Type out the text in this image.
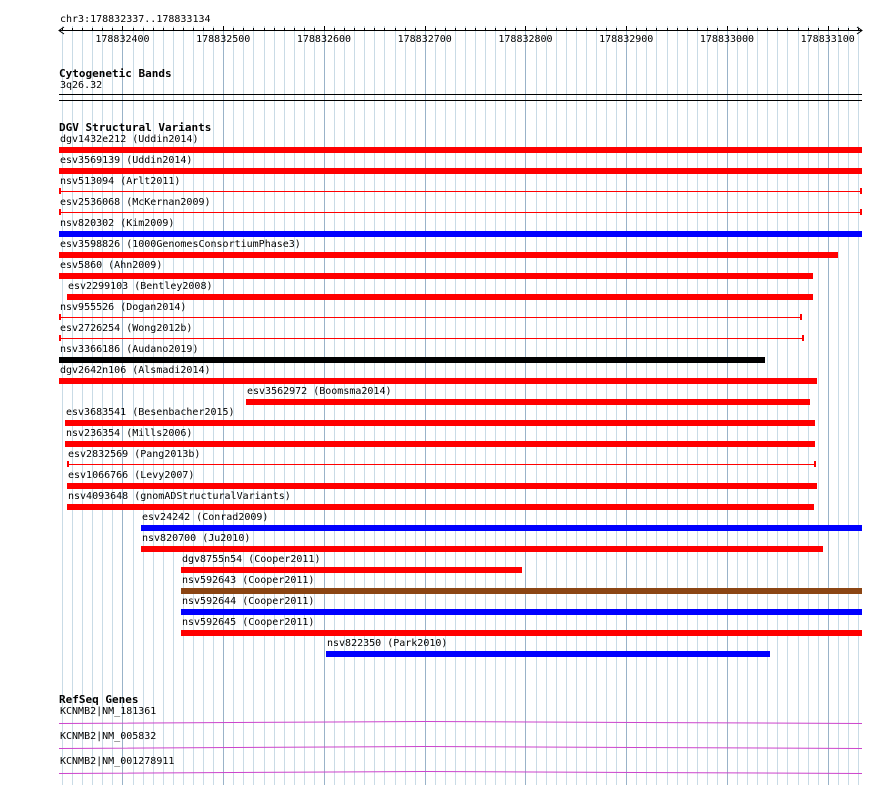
chr3:178832337..178833134
178832400	178832500	178832600	178832700	178832800	178832900	178833000	178833100
Cytogenetic Bands
3q26.32
DGV Structural Variants
dgv1432e212 (Uddin2014)
esv3569139 (Uddin2014)
nsv513094 (Arlt2011)
esv2536068 (McKernan2009)
nsv820302 (Kim2009)
esv3598826 (1000GenomesConsortiumPhase3)
esv5860 (Ahn2009)
esv2299103 (Bentley2008)
nsv955526 (Dogan2014)
esv2726254 (Wong2012b)
nsv3366186 (Audano2019)
dgv2642n106 (Alsmadi2014)
esv3562972 (Boomsma2014)
esv3683541 (Besenbacher2015)
nsv236354 (Mills2006)
esv2832569 (Pang2013b)
esv1066766 (Levy2007)
nsv4093648 (gnomADStructuralVariants)
esv24242 (Conrad2009)
nsv820700 (Ju2010)
dgv8755n54 (Cooper2011)
nsv592643 (Cooper2011)
nsv592644 (Cooper2011)
nsv592645 (Cooper2011)
nsv822350 (Park2010)
RefSeq Genes
KCNMB2|NM_181361
KCNMB2|NM_005832
KCNMB2|NM_001278911
